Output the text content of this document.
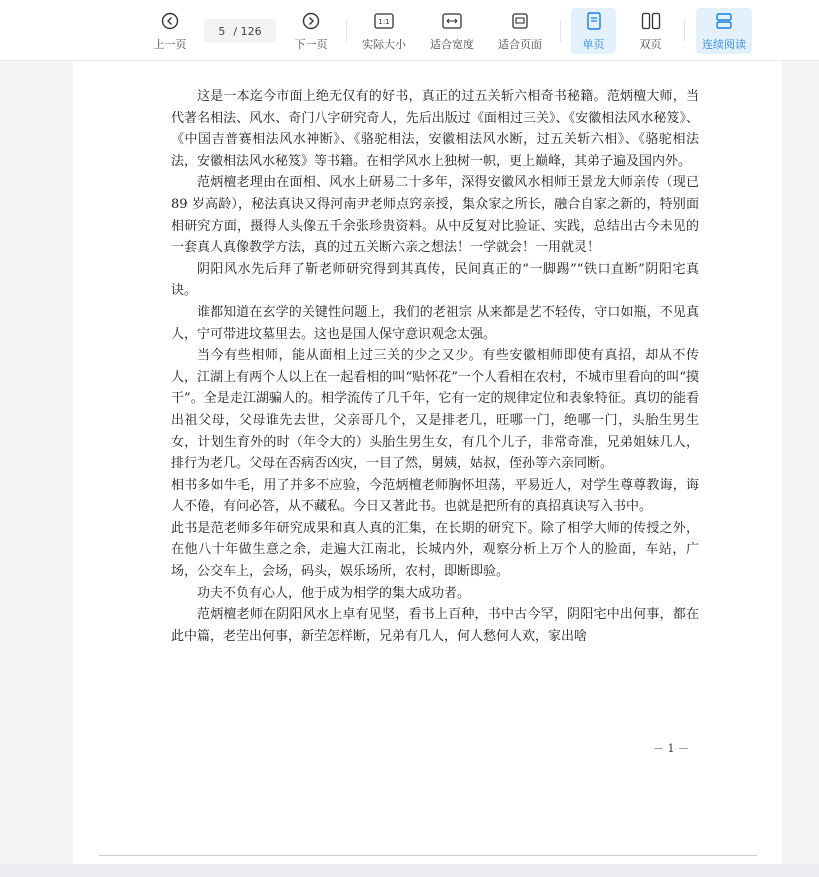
上一页
5 / 126
下一页
1:1
实际大小 适合宽度 适合页面	单页	双页	连续阅读

这是一本迄今市面上绝无仅有的好书，真正的过五关斩六相奇书秘籍。范炳檀大师，当代著名相法、风水、奇门八字研究奇人，先后出版过《面相过三关》、《安徽相法风水秘笈》、《中国吉普赛相法风水神断》、《骆驼相法，安徽相法风水断，过五关斩六相》、《骆驼相法法，安徽相法风水秘笈》等书籍。在相学风水上独树一帜，更上巅峰，其弟子遍及国内外。

范炳檀老理由在面相、风水上研易二十多年，深得安徽风水相师王景龙大师亲传（现已 89 岁高龄），秘法真诀又得河南尹老师点窍亲授，集众家之所长，融合自家之新的，特别面相研究方面，摄得人头像五千余张珍贵资料。从中反复对比验证、实践，总结出古今未见的一套真人真像教学方法，真的过五关断六亲之想法！一学就会！一用就灵！

阴阳风水先后拜了靳老师研究得到其真传，民间真正的“一脚踢”“铁口直断”阴阳宅真诀。

谁都知道在玄学的关键性问题上，我们的老祖宗 从来都是艺不轻传，守口如瓶，不见真人，宁可带进坟墓里去。这也是国人保守意识观念太强。

当今有些相师，能从面相上过三关的少之又少。有些安徽相师即使有真招，却从不传人，江湖上有两个人以上在一起看相的叫“贴怀花”一个人看相在农村，不城市里看向的叫“摸干”。全是走江湖骗人的。相学流传了几千年，它有一定的规律定位和表象特征。真切的能看出祖父母，父母谁先去世，父亲哥几个，又是排老几，旺哪一门，绝哪一门，头胎生男生女，计划生育外的时（年令大的）头胎生男生女，有几个儿子，非常奇准，兄弟姐妹几人，排行为老几。父母在否病否凶灾，一目了然，舅姨，姑叔，侄孙等六亲同断。

相书多如牛毛，用了并多不应验，今范炳檀老师胸怀坦荡，平易近人，对学生尊尊教诲，诲人不倦，有问必答，从不藏私。今日又著此书。也就是把所有的真招真诀写入书中。

此书是范老师多年研究成果和真人真的汇集，在长期的研究下。除了相学大师的传授之外，在他八十年做生意之余，走遍大江南北，长城内外，观察分析上万个人的脸面，车站，广场，公交车上，会场，码头，娱乐场所，农村，即断即验。

功夫不负有心人，他于成为相学的集大成功者。

范炳檀老师在阴阳风水上卓有见坚，看书上百种，书中古今罕，阴阳宅中出何事，都在此中篇，老茔出何事，新茔怎样断，兄弟有几人，何人愁何人欢，家出啥

－ 1 －
